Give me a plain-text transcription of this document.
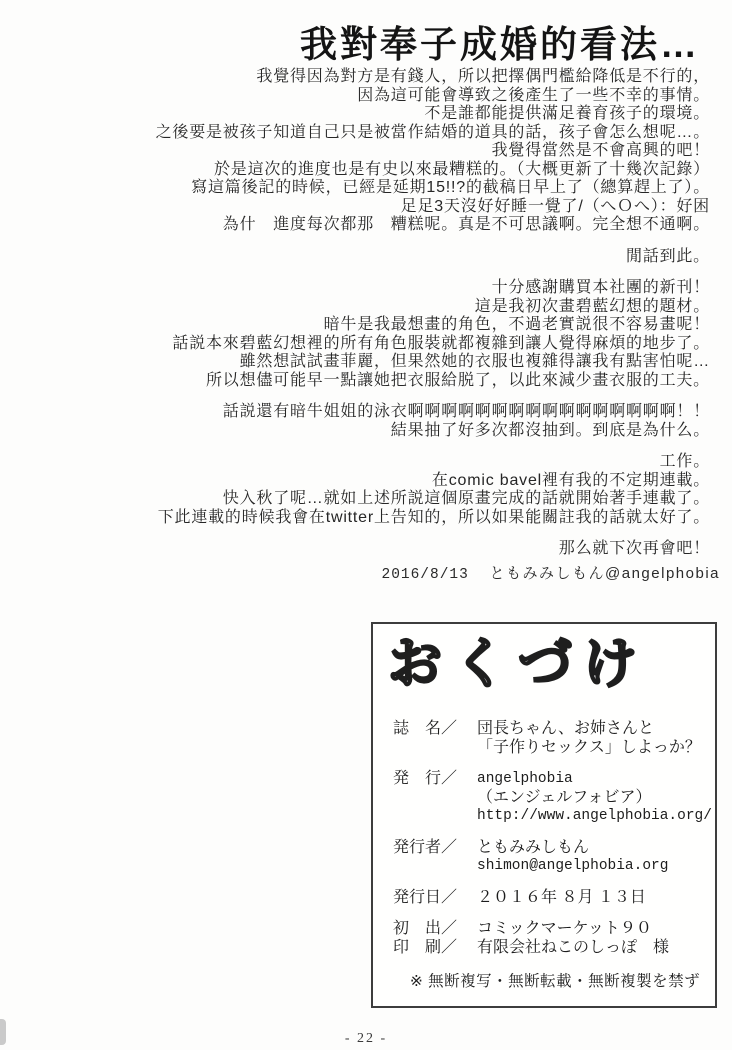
我對奉子成婚的看法…
我覺得因為對方是有錢人，所以把擇偶門檻給降低是不行的，
因為這可能會導致之後產生了一些不幸的事情。
不是誰都能提供滿足養育孩子的環境。
之後要是被孩子知道自己只是被當作結婚的道具的話，孩子會怎么想呢…。
我覺得當然是不會高興的吧！
於是這次的進度也是有史以來最糟糕的。（大概更新了十幾次記錄）
寫這篇後記的時候，已經是延期15!!?的截稿日早上了（總算趕上了）。
足足3天沒好好睡一覺了/（へＯへ）：好困
為什　進度每次都那　糟糕呢。真是不可思議啊。完全想不通啊。
閒話到此。
十分感謝購買本社團的新刊！
這是我初次畫碧藍幻想的題材。
暗牛是我最想畫的角色，不過老實説很不容易畫呢！
話説本來碧藍幻想裡的所有角色服裝就都複雜到讓人覺得麻煩的地步了。
雖然想試試畫菲麗，但果然她的衣服也複雜得讓我有點害怕呢…
所以想儘可能早一點讓她把衣服給脱了，以此來減少畫衣服的工夫。
話説還有暗牛姐姐的泳衣啊啊啊啊啊啊啊啊啊啊啊啊啊啊啊啊！！
結果抽了好多次都沒抽到。到底是為什么。
工作。
在comic bavel裡有我的不定期連載。
快入秋了呢…就如上述所説這個原畫完成的話就開始著手連載了。
下此連載的時候我會在twitter上告知的，所以如果能關註我的話就太好了。
那么就下次再會吧！
2016/8/13 ともみみしもん@angelphobia
おくづけ
誌　名／ 団長ちゃん、お姉さんと
「子作りセックス」しよっか？
発　行／ angelphobia
（エンジェルフォビア）
http://www.angelphobia.org/
発行者／ ともみみしもん
shimon@angelphobia.org
発行日／ ２０１６年 ８月 １３日
初　出／ コミックマーケット９０
印　刷／ 有限会社ねこのしっぽ　様
※ 無断複写・無断転載・無断複製を禁ず
- 22 -
